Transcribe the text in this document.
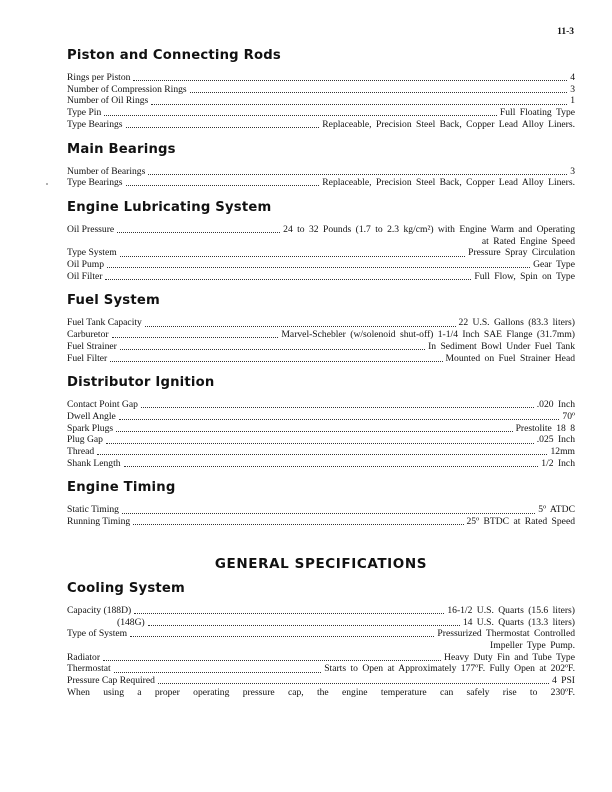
11-3
Piston and Connecting Rods
Rings per Piston	4
Number of Compression Rings	3
Number of Oil Rings	1
Type Pin	Full Floating Type
Type Bearings	Replaceable, Precision Steel Back, Copper Lead Alloy Liners.
Main Bearings
Number of Bearings	3
Type Bearings	Replaceable, Precision Steel Back, Copper Lead Alloy Liners.
Engine Lubricating System
Oil Pressure	24 to 32 Pounds (1.7 to 2.3 kg/cm²) with Engine Warm and Operating
at Rated Engine Speed
Type System	Pressure Spray Circulation
Oil Pump	Gear Type
Oil Filter	Full Flow, Spin on Type
Fuel System
Fuel Tank Capacity	22 U.S. Gallons (83.3 liters)
Carburetor	Marvel-Schebler (w/solenoid shut-off) 1-1/4 Inch SAE Flange (31.7mm)
Fuel Strainer	In Sediment Bowl Under Fuel Tank
Fuel Filter	Mounted on Fuel Strainer Head
Distributor Ignition
Contact Point Gap	.020 Inch
Dwell Angle	70º
Spark Plugs	Prestolite 18 8
Plug Gap	.025 Inch
Thread	12mm
Shank Length	1/2 Inch
Engine Timing
Static Timing	5º ATDC
Running Timing	25º BTDC at Rated Speed
GENERAL SPECIFICATIONS
Cooling System
Capacity (188D)	16-1/2 U.S. Quarts (15.6 liters)
(148G)	14 U.S. Quarts (13.3 liters)
Type of System	Pressurized Thermostat Controlled
Impeller Type Pump.
Radiator	Heavy Duty Fin and Tube Type
Thermostat	Starts to Open at Approximately 177ºF. Fully Open at 202ºF.
Pressure Cap Required	4 PSI
When using a proper operating pressure cap, the engine temperature can safely rise to 230ºF.
